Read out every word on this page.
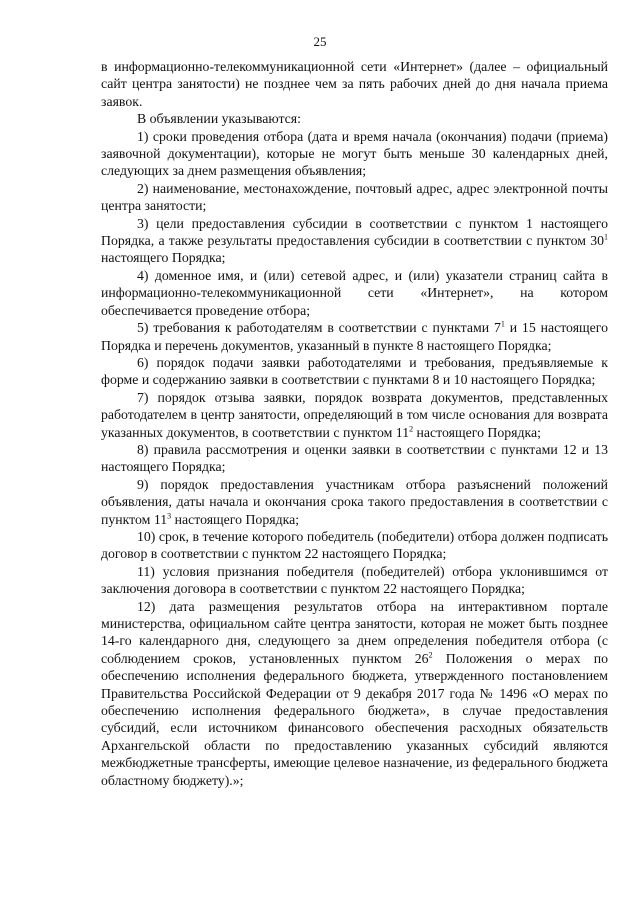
25

в информационно-телекоммуникационной сети «Интернет» (далее – официальный сайт центра занятости) не позднее чем за пять рабочих дней до дня начала приема заявок.

В объявлении указываются:

1) сроки проведения отбора (дата и время начала (окончания) подачи (приема) заявочной документации), которые не могут быть меньше 30 календарных дней, следующих за днем размещения объявления;

2) наименование, местонахождение, почтовый адрес, адрес электронной почты центра занятости;

3) цели предоставления субсидии в соответствии с пунктом 1 настоящего Порядка, а также результаты предоставления субсидии в соответствии с пунктом $30^1$ настоящего Порядка;

4) доменное имя, и (или) сетевой адрес, и (или) указатели страниц сайта в информационно-телекоммуникационной сети «Интернет», на котором обеспечивается проведение отбора;

5) требования к работодателям в соответствии с пунктами $7^1$ и 15 настоящего Порядка и перечень документов, указанный в пункте 8 настоящего Порядка;

6) порядок подачи заявки работодателями и требования, предъявляемые к форме и содержанию заявки в соответствии с пунктами 8 и 10 настоящего Порядка;

7) порядок отзыва заявки, порядок возврата документов, представленных работодателем в центр занятости, определяющий в том числе основания для возврата указанных документов, в соответствии с пунктом $11^2$ настоящего Порядка;

8) правила рассмотрения и оценки заявки в соответствии с пунктами 12 и 13 настоящего Порядка;

9) порядок предоставления участникам отбора разъяснений положений объявления, даты начала и окончания срока такого предоставления в соответствии с пунктом $11^3$ настоящего Порядка;

10) срок, в течение которого победитель (победители) отбора должен подписать договор в соответствии с пунктом 22 настоящего Порядка;

11) условия признания победителя (победителей) отбора уклонившимся от заключения договора в соответствии с пунктом 22 настоящего Порядка;

12) дата размещения результатов отбора на интерактивном портале министерства, официальном сайте центра занятости, которая не может быть позднее 14-го календарного дня, следующего за днем определения победителя отбора (с соблюдением сроков, установленных пунктом $26^2$ Положения о мерах по обеспечению исполнения федерального бюджета, утвержденного постановлением Правительства Российской Федерации от 9 декабря 2017 года № 1496 «О мерах по обеспечению исполнения федерального бюджета», в случае предоставления субсидий, если источником финансового обеспечения расходных обязательств Архангельской области по предоставлению указанных субсидий являются межбюджетные трансферты, имеющие целевое назначение, из федерального бюджета областному бюджету).»;
